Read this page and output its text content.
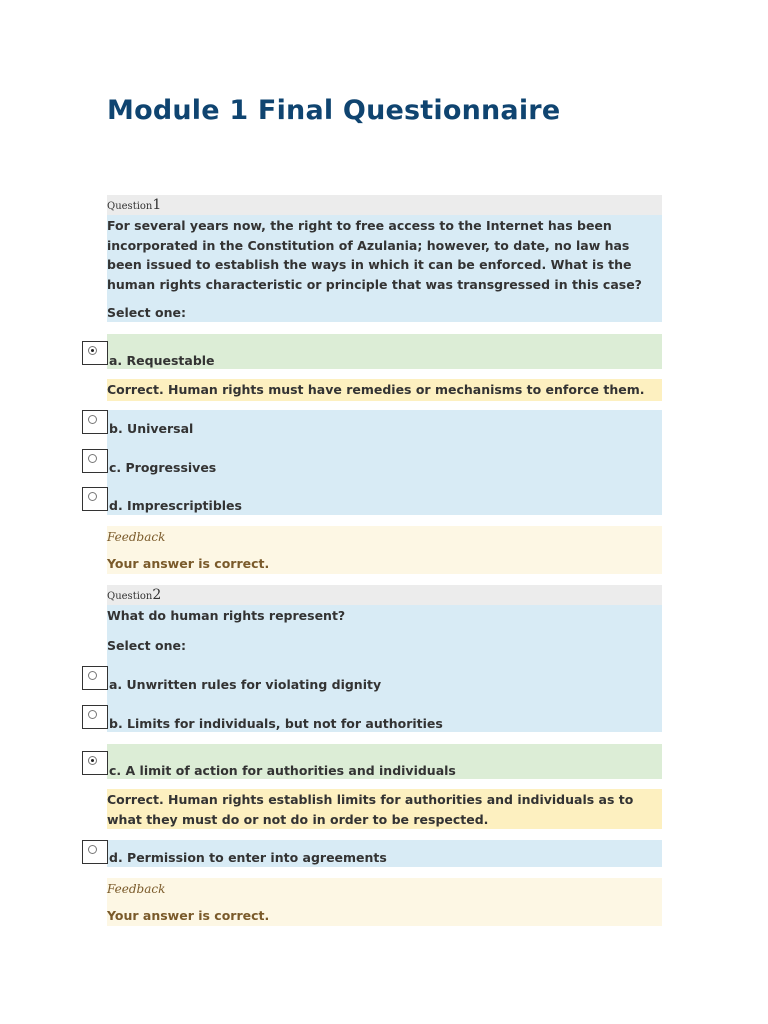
Module 1 Final Questionnaire
Question1
For several years now, the right to free access to the Internet has been incorporated in the Constitution of Azulania; however, to date, no law has been issued to establish the ways in which it can be enforced. What is the human rights characteristic or principle that was transgressed in this case?
Select one:
a. Requestable
Correct. Human rights must have remedies or mechanisms to enforce them.
b. Universal
c. Progressives
d. Imprescriptibles
Feedback
Your answer is correct.
Question2
What do human rights represent?
Select one:
a. Unwritten rules for violating dignity
b. Limits for individuals, but not for authorities
c. A limit of action for authorities and individuals
Correct. Human rights establish limits for authorities and individuals as to what they must do or not do in order to be respected.
d. Permission to enter into agreements
Feedback
Your answer is correct.
